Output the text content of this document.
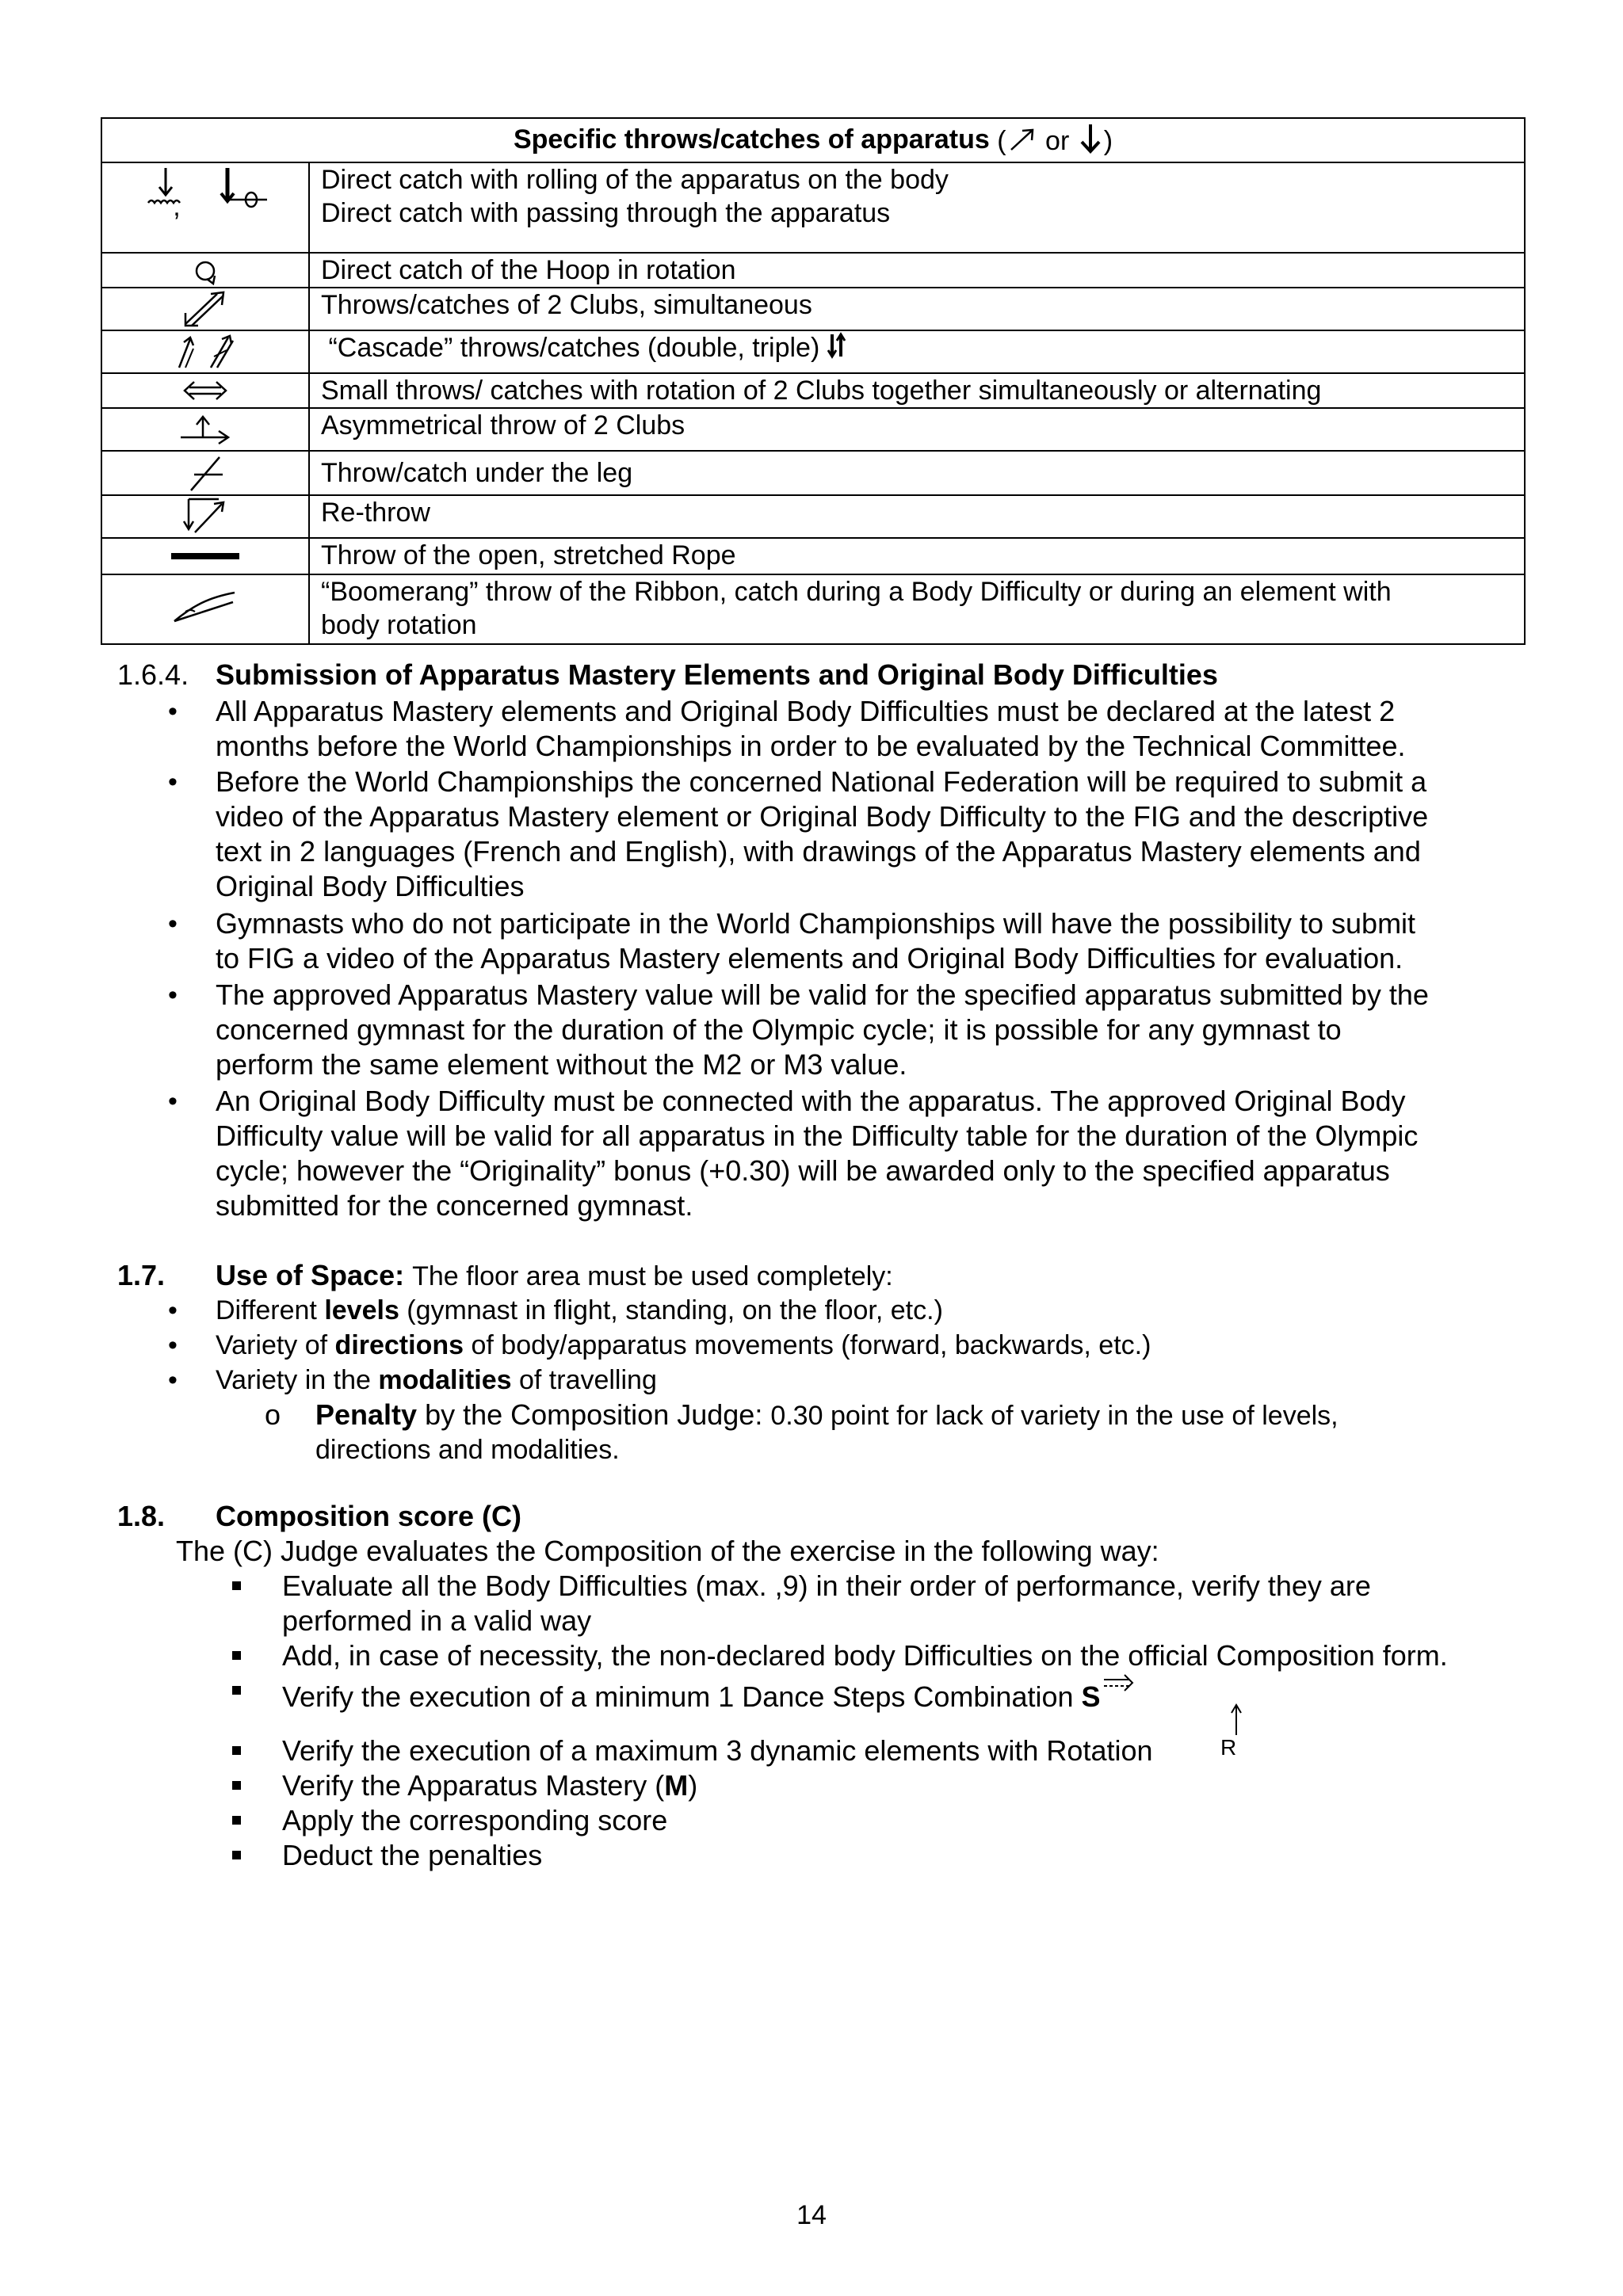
Specific throws/catches of apparatus ( or )	

,	Direct catch with rolling of the apparatus on the body
Direct catch with passing through the apparatus

Direct catch of the Hoop in rotation

Throws/catches of 2 Clubs, simultaneous

“Cascade” throws/catches (double, triple)

Small throws/ catches with rotation of 2 Clubs together simultaneously or alternating

Asymmetrical throw of 2 Clubs

Throw/catch under the leg

Re-throw

Throw of the open, stretched Rope

“Boomerang” throw of the Ribbon, catch during a Body Difficulty or during an element with
body rotation
1.6.4. Submission of Apparatus Mastery Elements and Original Body Difficulties
• All Apparatus Mastery elements and Original Body Difficulties must be declared at the latest 2
months before the World Championships in order to be evaluated by the Technical Committee.
• Before the World Championships the concerned National Federation will be required to submit a
video of the Apparatus Mastery element or Original Body Difficulty to the FIG and the descriptive
text in 2 languages (French and English), with drawings of the Apparatus Mastery elements and
Original Body Difficulties
• Gymnasts who do not participate in the World Championships will have the possibility to submit
to FIG a video of the Apparatus Mastery elements and Original Body Difficulties for evaluation.
• The approved Apparatus Mastery value will be valid for the specified apparatus submitted by the
concerned gymnast for the duration of the Olympic cycle; it is possible for any gymnast to
perform the same element without the M2 or M3 value.
• An Original Body Difficulty must be connected with the apparatus. The approved Original Body
Difficulty value will be valid for all apparatus in the Difficulty table for the duration of the Olympic
cycle; however the “Originality” bonus (+0.30) will be awarded only to the specified apparatus
submitted for the concerned gymnast.
1.7. Use of Space: The floor area must be used completely:
• Different levels (gymnast in flight, standing, on the floor, etc.)
• Variety of directions of body/apparatus movements (forward, backwards, etc.)
• Variety in the modalities of travelling
o Penalty by the Composition Judge: 0.30 point for lack of variety in the use of levels,
directions and modalities.
1.8. Composition score (C)
The (C) Judge evaluates the Composition of the exercise in the following way:
Evaluate all the Body Difficulties (max. ,9) in their order of performance, verify they are
performed in a valid way
Add, in case of necessity, the non-declared body Difficulties on the official Composition form.
Verify the execution of a minimum 1 Dance Steps Combination S
Verify the execution of a maximum 3 dynamic elements with Rotation	R
Verify the Apparatus Mastery (M)
Apply the corresponding score
Deduct the penalties
14
